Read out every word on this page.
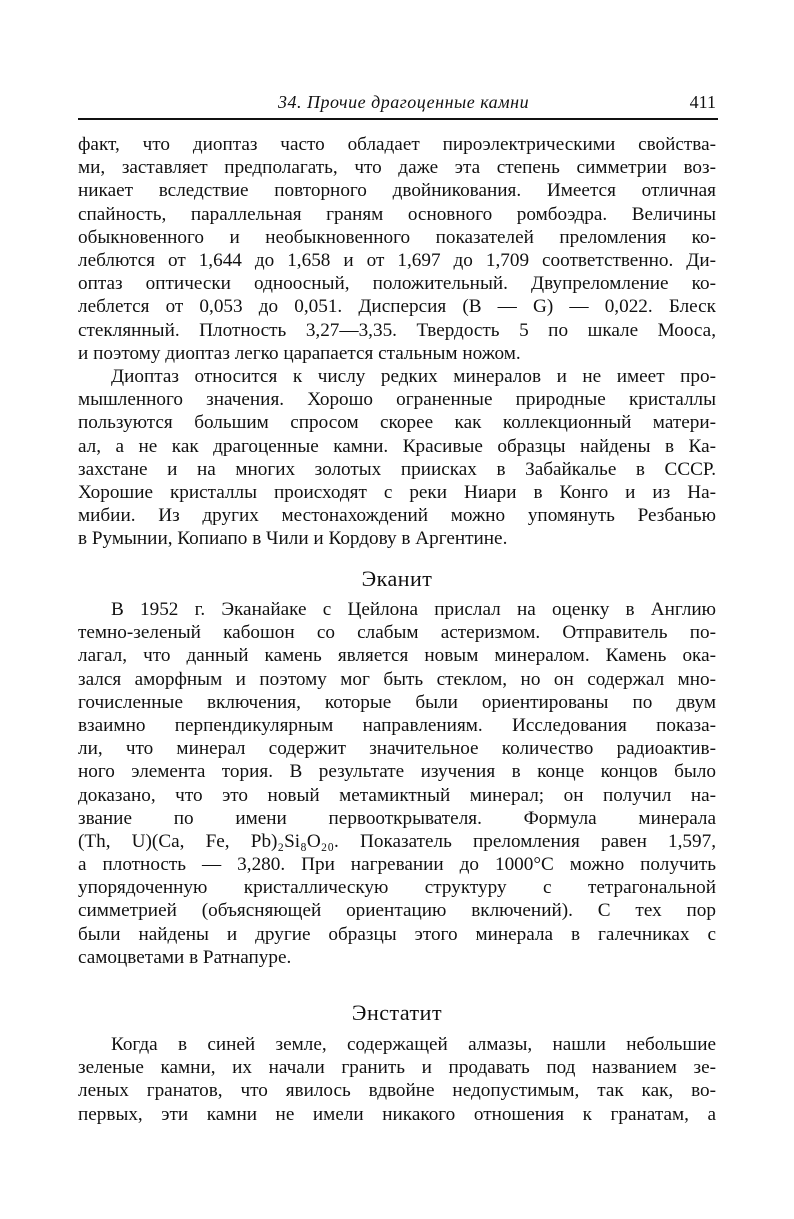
34. Прочие драгоценные камни	411
факт, что диоптаз часто обладает пироэлектрическими свойства-
ми, заставляет предполагать, что даже эта степень симметрии воз-
никает вследствие повторного двойникования. Имеется отличная
спайность, параллельная граням основного ромбоэдра. Величины
обыкновенного и необыкновенного показателей преломления ко-
леблются от 1,644 до 1,658 и от 1,697 до 1,709 соответственно. Ди-
оптаз оптически одноосный, положительный. Двупреломление ко-
леблется от 0,053 до 0,051. Дисперсия (B — G) — 0,022. Блеск
стеклянный. Плотность 3,27—3,35. Твердость 5 по шкале Мооса,
и поэтому диоптаз легко царапается стальным ножом.
Диоптаз относится к числу редких минералов и не имеет про-
мышленного значения. Хорошо ограненные природные кристаллы
пользуются большим спросом скорее как коллекционный матери-
ал, а не как драгоценные камни. Красивые образцы найдены в Ка-
захстане и на многих золотых приисках в Забайкалье в СССР.
Хорошие кристаллы происходят с реки Ниари в Конго и из На-
мибии. Из других местонахождений можно упомянуть Резбанью
в Румынии, Копиапо в Чили и Кордову в Аргентине.
Эканит
В 1952 г. Эканайаке с Цейлона прислал на оценку в Англию
темно-зеленый кабошон со слабым астеризмом. Отправитель по-
лагал, что данный камень является новым минералом. Камень ока-
зался аморфным и поэтому мог быть стеклом, но он содержал мно-
гочисленные включения, которые были ориентированы по двум
взаимно перпендикулярным направлениям. Исследования показа-
ли, что минерал содержит значительное количество радиоактив-
ного элемента тория. В результате изучения в конце концов было
доказано, что это новый метамиктный минерал; он получил на-
звание по имени первооткрывателя. Формула минерала
(Th, U)(Ca, Fe, Pb)₂Si₈O₂₀. Показатель преломления равен 1,597,
а плотность — 3,280. При нагревании до 1000°С можно получить
упорядоченную кристаллическую структуру с тетрагональной
симметрией (объясняющей ориентацию включений). С тех пор
были найдены и другие образцы этого минерала в галечниках с
самоцветами в Ратнапуре.
Энстатит
Когда в синей земле, содержащей алмазы, нашли небольшие
зеленые камни, их начали гранить и продавать под названием зе-
леных гранатов, что явилось вдвойне недопустимым, так как, во-
первых, эти камни не имели никакого отношения к гранатам, а
